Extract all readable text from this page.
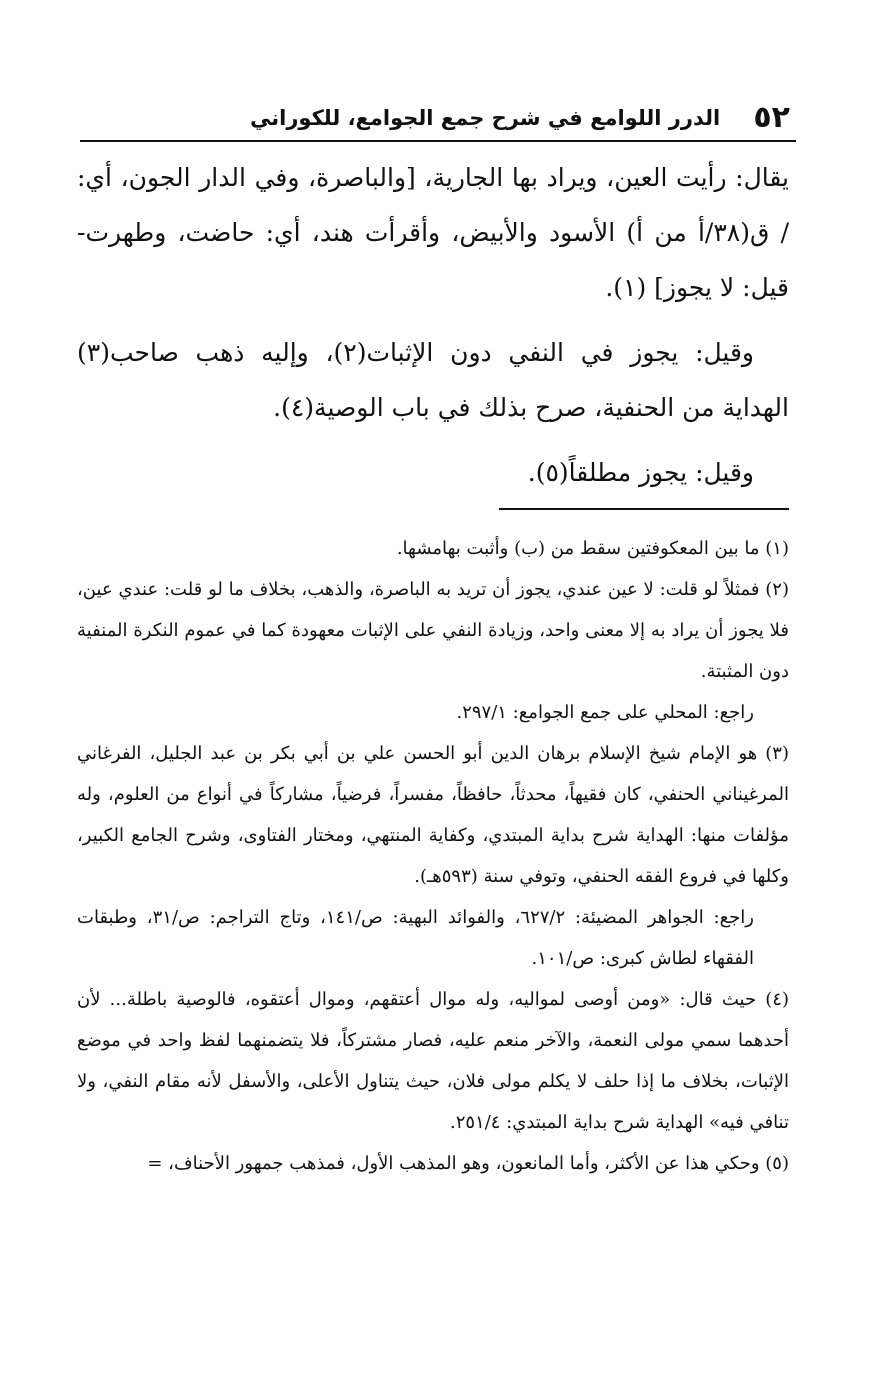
٥٢
الدرر اللوامع في شرح جمع الجوامع، للكوراني

يقال: رأيت العين، ويراد بها الجارية، [والباصرة، وفي الدار الجون، أي: / ق(٣٨/أ من أ) الأسود والأبيض، وأقرأت هند، أي: حاضت، وطهرت- قيل: لا يجوز] (١).

وقيل: يجوز في النفي دون الإثبات(٢)، وإليه ذهب صاحب(٣) الهداية من الحنفية، صرح بذلك في باب الوصية(٤).

وقيل: يجوز مطلقاً(٥).

(١) ما بين المعكوفتين سقط من (ب) وأثبت بهامشها.

(٢) فمثلاً لو قلت: لا عين عندي، يجوز أن تريد به الباصرة، والذهب، بخلاف ما لو قلت: عندي عين، فلا يجوز أن يراد به إلا معنى واحد، وزيادة النفي على الإثبات معهودة كما في عموم النكرة المنفية دون المثبتة.

راجع: المحلي على جمع الجوامع: ٢٩٧/١.

(٣) هو الإمام شيخ الإسلام برهان الدين أبو الحسن علي بن أبي بكر بن عبد الجليل، الفرغاني المرغيناني الحنفي، كان فقيهاً، محدثاً، حافظاً، مفسراً، فرضياً، مشاركاً في أنواع من العلوم، وله مؤلفات منها: الهداية شرح بداية المبتدي، وكفاية المنتهي، ومختار الفتاوى، وشرح الجامع الكبير، وكلها في فروع الفقه الحنفي، وتوفي سنة (٥٩٣هـ).

راجع: الجواهر المضيئة: ٦٢٧/٢، والفوائد البهية: ص/١٤١، وتاج التراجم: ص/٣١، وطبقات الفقهاء لطاش كبرى: ص/١٠١.

(٤) حيث قال: «ومن أوصى لمواليه، وله موال أعتقهم، وموال أعتقوه، فالوصية باطلة... لأن أحدهما سمي مولى النعمة، والآخر منعم عليه، فصار مشتركاً، فلا يتضمنهما لفظ واحد في موضع الإثبات، بخلاف ما إذا حلف لا يكلم مولى فلان، حيث يتناول الأعلى، والأسفل لأنه مقام النفي، ولا تنافي فيه» الهداية شرح بداية المبتدي: ٢٥١/٤.

(٥) وحكي هذا عن الأكثر، وأما المانعون، وهو المذهب الأول، فمذهب جمهور الأحناف، =
